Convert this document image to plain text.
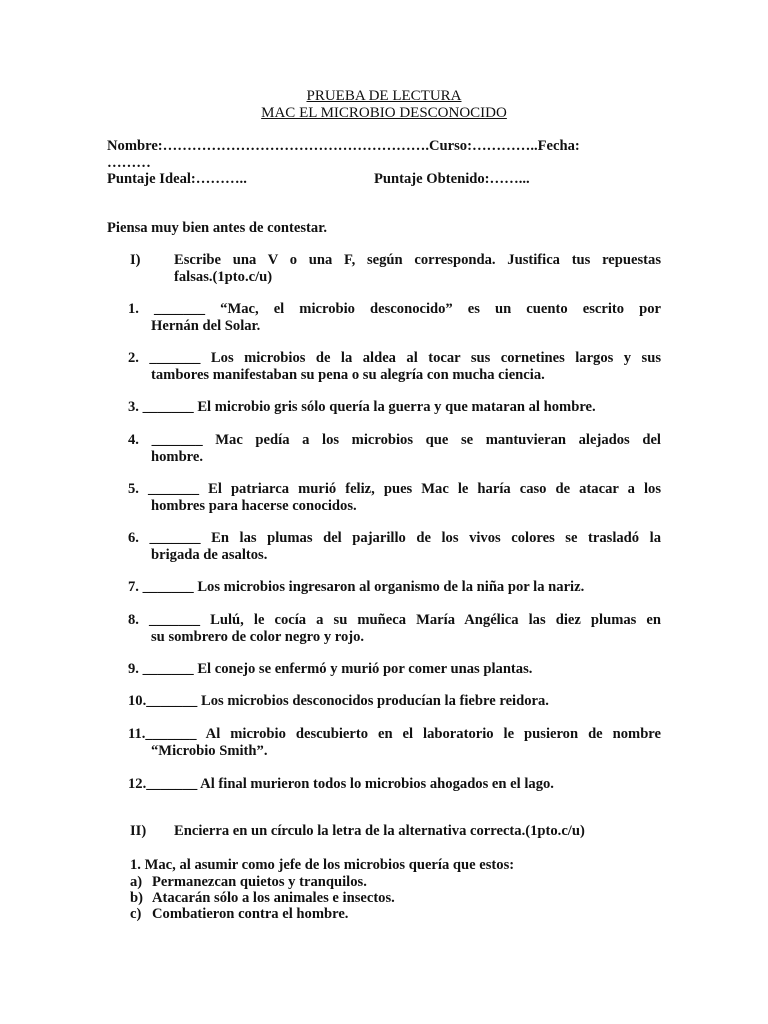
PRUEBA DE LECTURA
MAC EL MICROBIO DESCONOCIDO
Nombre:……………………………………………….Curso:…………..Fecha:
………
Puntaje Ideal:………..	Puntaje Obtenido:……...
Piensa muy bien antes de contestar.
I) Escribe una V o una F, según corresponda. Justifica tus repuestas
falsas.(1pto.c/u)
1. _______ “Mac, el microbio desconocido” es un cuento escrito por
Hernán del Solar.
2. _______ Los microbios de la aldea al tocar sus cornetines largos y sus
tambores manifestaban su pena o su alegría con mucha ciencia.
3. _______ El microbio gris sólo quería la guerra y que mataran al hombre.
4. _______ Mac pedía a los microbios que se mantuvieran alejados del
hombre.
5. _______ El patriarca murió feliz, pues Mac le haría caso de atacar a los
hombres para hacerse conocidos.
6. _______ En las plumas del pajarillo de los vivos colores se trasladó la
brigada de asaltos.
7. _______ Los microbios ingresaron al organismo de la niña por la nariz.
8. _______ Lulú, le cocía a su muñeca María Angélica las diez plumas en
su sombrero de color negro y rojo.
9. _______ El conejo se enfermó y murió por comer unas plantas.
10._______ Los microbios desconocidos producían la fiebre reidora.
11._______ Al microbio descubierto en el laboratorio le pusieron de nombre
“Microbio Smith”.
12._______ Al final murieron todos lo microbios ahogados en el lago.
II) Encierra en un círculo la letra de la alternativa correcta.(1pto.c/u)
1. Mac, al asumir como jefe de los microbios quería que estos:
a) Permanezcan quietos y tranquilos.
b) Atacarán sólo a los animales e insectos.
c) Combatieron contra el hombre.
